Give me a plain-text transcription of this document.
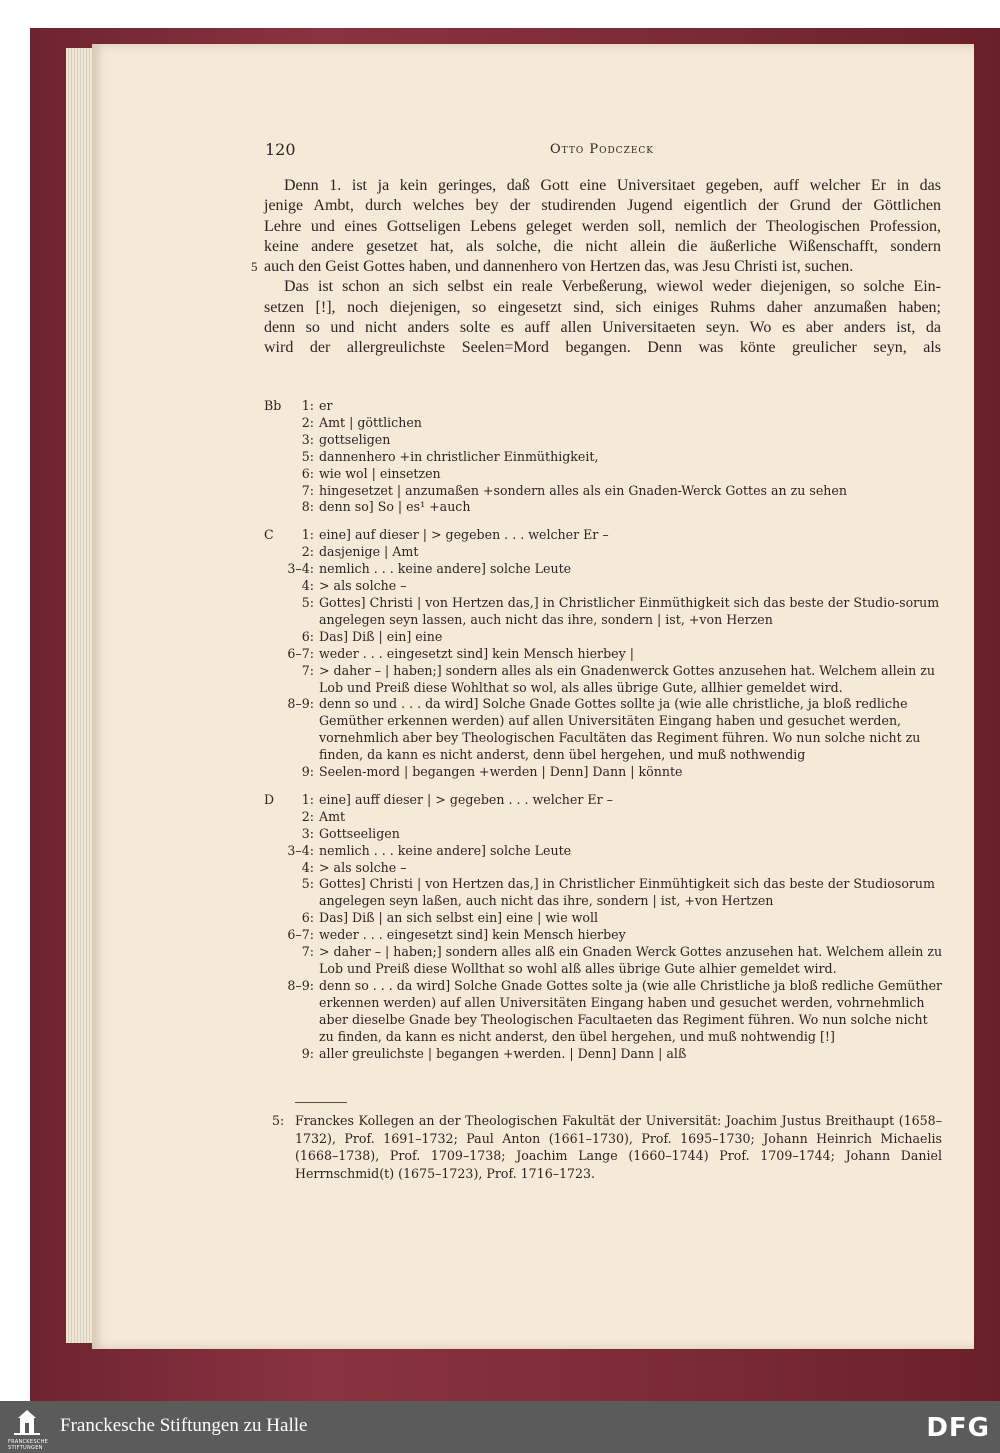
120	Otto Podczeck
Denn 1. ist ja kein geringes, daß Gott eine Universitaet gegeben, auff welcher Er in das
jenige Ambt, durch welches bey der studirenden Jugend eigentlich der Grund der Göttlichen
Lehre und eines Gottseligen Lebens geleget werden soll, nemlich der Theologischen Profession,
keine andere gesetzet hat, als solche, die nicht allein die äußerliche Wißenschafft, sondern
5 auch den Geist Gottes haben, und dannenhero von Hertzen das, was Jesu Christi ist, suchen.
Das ist schon an sich selbst ein reale Verbeßerung, wiewol weder diejenigen, so solche Ein-
setzen [!], noch diejenigen, so eingesetzt sind, sich einiges Ruhms daher anzumaßen haben;
denn so und nicht anders solte es auff allen Universitaeten seyn. Wo es aber anders ist, da
wird der allergreulichste Seelen=Mord begangen. Denn was könte greulicher seyn, als
Bb	1: er
2: Amt | göttlichen
3: gottseligen
5: dannenhero +in christlicher Einmüthigkeit,
6: wie wol | einsetzen
7: hingesetzet | anzumaßen +sondern alles als ein Gnaden-Werck Gottes an zu sehen
8: denn so] So | es¹ +auch
C	1: eine] auf dieser | > gegeben . . . welcher Er –
2: dasjenige | Amt
3–4: nemlich . . . keine andere] solche Leute
4: > als solche –
5: Gottes] Christi | von Hertzen das,] in Christlicher Einmüthigkeit sich das beste der Studio-sorum angelegen seyn lassen, auch nicht das ihre, sondern | ist, +von Herzen
6: Das] Diß | ein] eine
6–7: weder . . . eingesetzt sind] kein Mensch hierbey |
7: > daher – | haben;] sondern alles als ein Gnadenwerck Gottes anzusehen hat. Welchem allein zu Lob und Preiß diese Wohlthat so wol, als alles übrige Gute, allhier gemeldet wird.
8–9: denn so und . . . da wird] Solche Gnade Gottes sollte ja (wie alle christliche, ja bloß redliche Gemüther erkennen werden) auf allen Universitäten Eingang haben und gesuchet werden, vornehmlich aber bey Theologischen Facultäten das Regiment führen. Wo nun solche nicht zu finden, da kann es nicht anderst, denn übel hergehen, und muß nothwendig
9: Seelen-mord | begangen +werden | Denn] Dann | könnte
D	1: eine] auff dieser | > gegeben . . . welcher Er –
2: Amt
3: Gottseeligen
3–4: nemlich . . . keine andere] solche Leute
4: > als solche –
5: Gottes] Christi | von Hertzen das,] in Christlicher Einmühtigkeit sich das beste der Studiosorum angelegen seyn laßen, auch nicht das ihre, sondern | ist, +von Hertzen
6: Das] Diß | an sich selbst ein] eine | wie woll
6–7: weder . . . eingesetzt sind] kein Mensch hierbey
7: > daher – | haben;] sondern alles alß ein Gnaden Werck Gottes anzusehen hat. Welchem allein zu Lob und Preiß diese Wollthat so wohl alß alles übrige Gute alhier gemeldet wird.
8–9: denn so . . . da wird] Solche Gnade Gottes solte ja (wie alle Christliche ja bloß redliche Gemüther erkennen werden) auf allen Universitäten Eingang haben und gesuchet werden, vohrnehmlich aber dieselbe Gnade bey Theologischen Facultaeten das Regiment führen. Wo nun solche nicht zu finden, da kann es nicht anderst, den übel hergehen, und muß nohtwendig [!]
9: aller greulichste | begangen +werden. | Denn] Dann | alß
5: Franckes Kollegen an der Theologischen Fakultät der Universität: Joachim Justus Breithaupt (1658–1732), Prof. 1691–1732; Paul Anton (1661–1730), Prof. 1695–1730; Johann Heinrich Michaelis (1668–1738), Prof. 1709–1738; Joachim Lange (1660–1744) Prof. 1709–1744; Johann Daniel Herrnschmid(t) (1675–1723), Prof. 1716–1723.
FRANCKESCHE
STIFTUNGEN
Franckesche Stiftungen zu Halle	DFG
